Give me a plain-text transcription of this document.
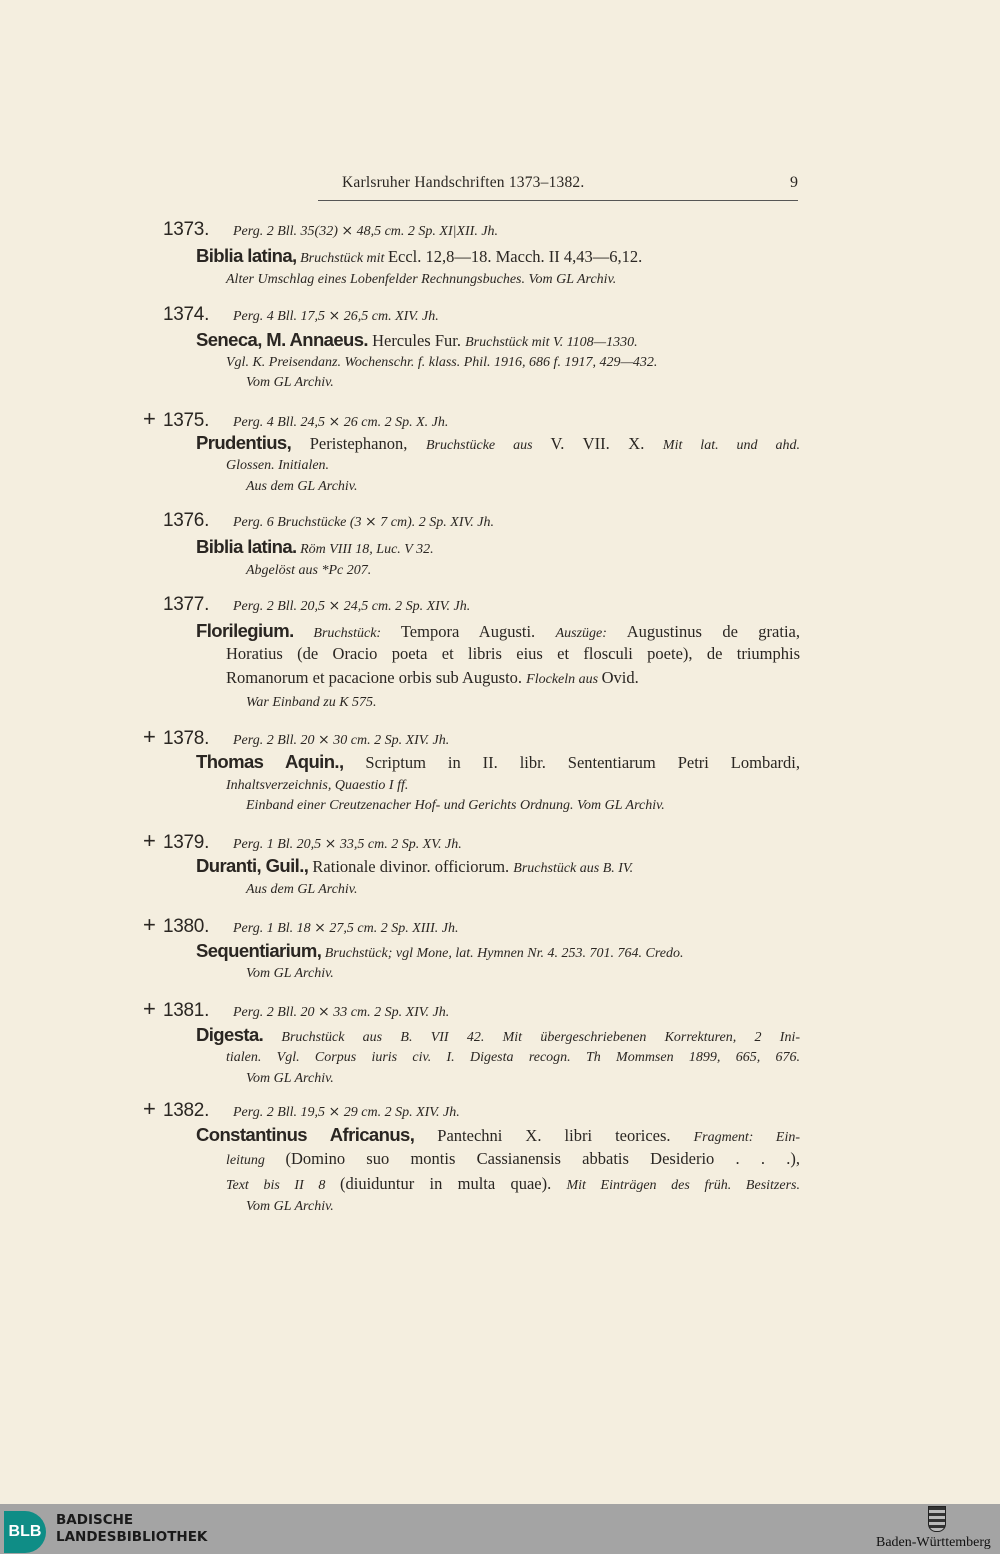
Karlsruher Handschriften 1373–1382.	9
1373. Perg. 2 Bll. 35(32) ⨯ 48,5 cm. 2 Sp. XI|XII. Jh.
Biblia latina, Bruchstück mit Eccl. 12,8—18. Macch. II 4,43—6,12.
Alter Umschlag eines Lobenfelder Rechnungsbuches. Vom GL Archiv.
1374. Perg. 4 Bll. 17,5 ⨯ 26,5 cm. XIV. Jh.
Seneca, M. Annaeus. Hercules Fur. Bruchstück mit V. 1108—1330.
Vgl. K. Preisendanz. Wochenschr. f. klass. Phil. 1916, 686 f. 1917, 429—432.
Vom GL Archiv.
+ 1375. Perg. 4 Bll. 24,5 ⨯ 26 cm. 2 Sp. X. Jh.
Prudentius, Peristephanon, Bruchstücke aus V. VII. X. Mit lat. und ahd.
Glossen. Initialen.
Aus dem GL Archiv.
1376. Perg. 6 Bruchstücke (3 ⨯ 7 cm). 2 Sp. XIV. Jh.
Biblia latina. Röm VIII 18, Luc. V 32.
Abgelöst aus *Pc 207.
1377. Perg. 2 Bll. 20,5 ⨯ 24,5 cm. 2 Sp. XIV. Jh.
Florilegium. Bruchstück: Tempora Augusti. Auszüge: Augustinus de gratia,
Horatius (de Oracio poeta et libris eius et flosculi poete), de triumphis
Romanorum et pacacione orbis sub Augusto. Flockeln aus Ovid.
War Einband zu K 575.
+ 1378. Perg. 2 Bll. 20 ⨯ 30 cm. 2 Sp. XIV. Jh.
Thomas Aquin., Scriptum in II. libr. Sententiarum Petri Lombardi,
Inhaltsverzeichnis, Quaestio I ff.
Einband einer Creutzenacher Hof- und Gerichts Ordnung. Vom GL Archiv.
+ 1379. Perg. 1 Bl. 20,5 ⨯ 33,5 cm. 2 Sp. XV. Jh.
Duranti, Guil., Rationale divinor. officiorum. Bruchstück aus B. IV.
Aus dem GL Archiv.
+ 1380. Perg. 1 Bl. 18 ⨯ 27,5 cm. 2 Sp. XIII. Jh.
Sequentiarium, Bruchstück; vgl Mone, lat. Hymnen Nr. 4. 253. 701. 764. Credo.
Vom GL Archiv.
+ 1381. Perg. 2 Bll. 20 ⨯ 33 cm. 2 Sp. XIV. Jh.
Digesta. Bruchstück aus B. VII 42. Mit übergeschriebenen Korrekturen, 2 Ini-
tialen. Vgl. Corpus iuris civ. I. Digesta recogn. Th Mommsen 1899, 665, 676.
Vom GL Archiv.
+ 1382. Perg. 2 Bll. 19,5 ⨯ 29 cm. 2 Sp. XIV. Jh.
Constantinus Africanus, Pantechni X. libri teorices. Fragment: Ein-
leitung (Domino suo montis Cassianensis abbatis Desiderio . . .),
Text bis II 8 (diuiduntur in multa quae). Mit Einträgen des früh. Besitzers.
Vom GL Archiv.
BLB
BADISCHE
LANDESBIBLIOTHEK	Baden-Württemberg
